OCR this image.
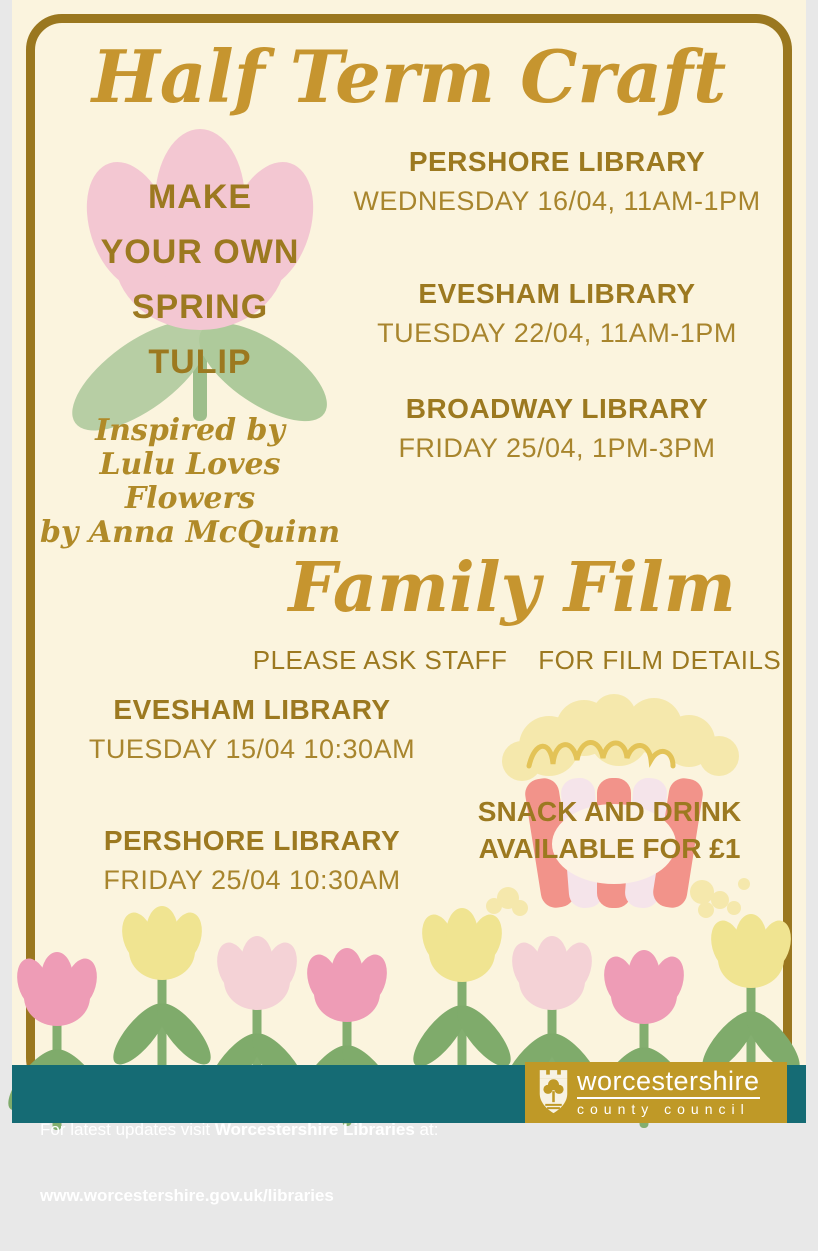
Half Term Craft
MAKE
YOUR OWN
SPRING
TULIP
PERSHORE LIBRARY
WEDNESDAY 16/04, 11AM-1PM
EVESHAM LIBRARY
TUESDAY 22/04, 11AM-1PM
BROADWAY LIBRARY
FRIDAY 25/04, 1PM-3PM
Inspired by
Lulu Loves Flowers
by Anna McQuinn
Family Film
PLEASE ASK STAFF    FOR FILM DETAILS
EVESHAM LIBRARY
TUESDAY 15/04 10:30AM
PERSHORE LIBRARY
FRIDAY 25/04 10:30AM
SNACK AND DRINK
AVAILABLE FOR £1

For latest updates visit Worcestershire Libraries at:

www.worcestershire.gov.uk/libraries

worcestershire
county council
